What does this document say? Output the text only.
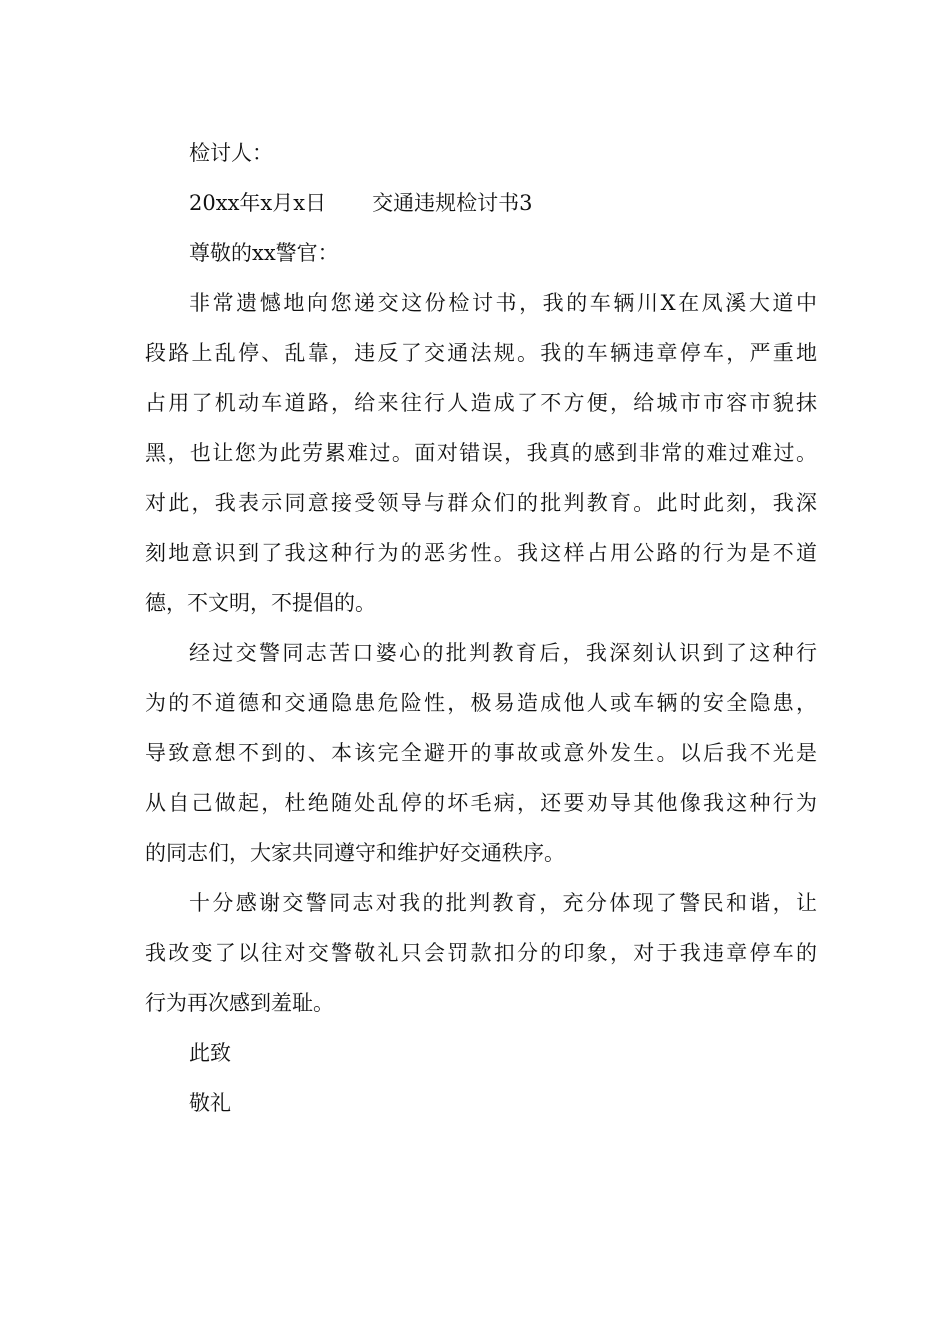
检讨人：
20xx年x月x日 交通违规检讨书3
尊敬的xx警官：
非常遗憾地向您递交这份检讨书，我的车辆川X在凤溪大道中
段路上乱停、乱靠，违反了交通法规。我的车辆违章停车，严重地
占用了机动车道路，给来往行人造成了不方便，给城市市容市貌抹
黑，也让您为此劳累难过。面对错误，我真的感到非常的难过难过。
对此，我表示同意接受领导与群众们的批判教育。此时此刻，我深
刻地意识到了我这种行为的恶劣性。我这样占用公路的行为是不道
德，不文明，不提倡的。
经过交警同志苦口婆心的批判教育后，我深刻认识到了这种行
为的不道德和交通隐患危险性，极易造成他人或车辆的安全隐患，
导致意想不到的、本该完全避开的事故或意外发生。以后我不光是
从自己做起，杜绝随处乱停的坏毛病，还要劝导其他像我这种行为
的同志们，大家共同遵守和维护好交通秩序。
十分感谢交警同志对我的批判教育，充分体现了警民和谐，让
我改变了以往对交警敬礼只会罚款扣分的印象，对于我违章停车的
行为再次感到羞耻。
此致
敬礼
